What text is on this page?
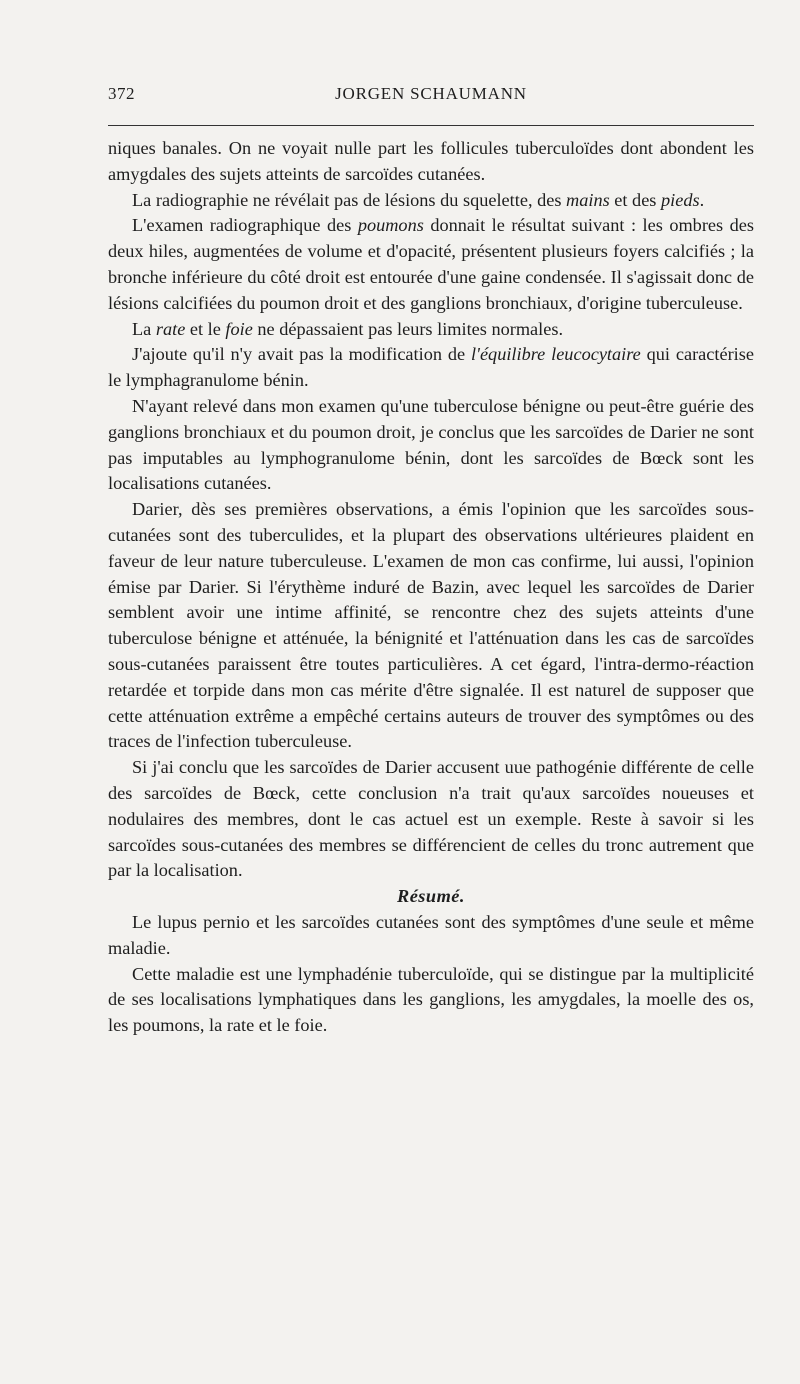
372	JORGEN SCHAUMANN

niques banales. On ne voyait nulle part les follicules tuberculoïdes dont abondent les amygdales des sujets atteints de sarcoïdes cutanées.

La radiographie ne révélait pas de lésions du squelette, des mains et des pieds.

L'examen radiographique des poumons donnait le résultat suivant : les ombres des deux hiles, augmentées de volume et d'opacité, présentent plusieurs foyers calcifiés ; la bronche inférieure du côté droit est entourée d'une gaine condensée. Il s'agissait donc de lésions calcifiées du poumon droit et des ganglions bronchiaux, d'origine tuberculeuse.

La rate et le foie ne dépassaient pas leurs limites normales.

J'ajoute qu'il n'y avait pas la modification de l'équilibre leucocytaire qui caractérise le lymphagranulome bénin.

N'ayant relevé dans mon examen qu'une tuberculose bénigne ou peut-être guérie des ganglions bronchiaux et du poumon droit, je conclus que les sarcoïdes de Darier ne sont pas imputables au lymphogranulome bénin, dont les sarcoïdes de Bœck sont les localisations cutanées.

Darier, dès ses premières observations, a émis l'opinion que les sarcoïdes sous-cutanées sont des tuberculides, et la plupart des observations ultérieures plaident en faveur de leur nature tuberculeuse. L'examen de mon cas confirme, lui aussi, l'opinion émise par Darier. Si l'érythème induré de Bazin, avec lequel les sarcoïdes de Darier semblent avoir une intime affinité, se rencontre chez des sujets atteints d'une tuberculose bénigne et atténuée, la bénignité et l'atténuation dans les cas de sarcoïdes sous-cutanées paraissent être toutes particulières. A cet égard, l'intra-dermo-réaction retardée et torpide dans mon cas mérite d'être signalée. Il est naturel de supposer que cette atténuation extrême a empêché certains auteurs de trouver des symptômes ou des traces de l'infection tuberculeuse.

Si j'ai conclu que les sarcoïdes de Darier accusent uue pathogénie différente de celle des sarcoïdes de Bœck, cette conclusion n'a trait qu'aux sarcoïdes noueuses et nodulaires des membres, dont le cas actuel est un exemple. Reste à savoir si les sarcoïdes sous-cutanées des membres se différencient de celles du tronc autrement que par la localisation.

Résumé.

Le lupus pernio et les sarcoïdes cutanées sont des symptômes d'une seule et même maladie.

Cette maladie est une lymphadénie tuberculoïde, qui se distingue par la multiplicité de ses localisations lymphatiques dans les ganglions, les amygdales, la moelle des os, les poumons, la rate et le foie.
